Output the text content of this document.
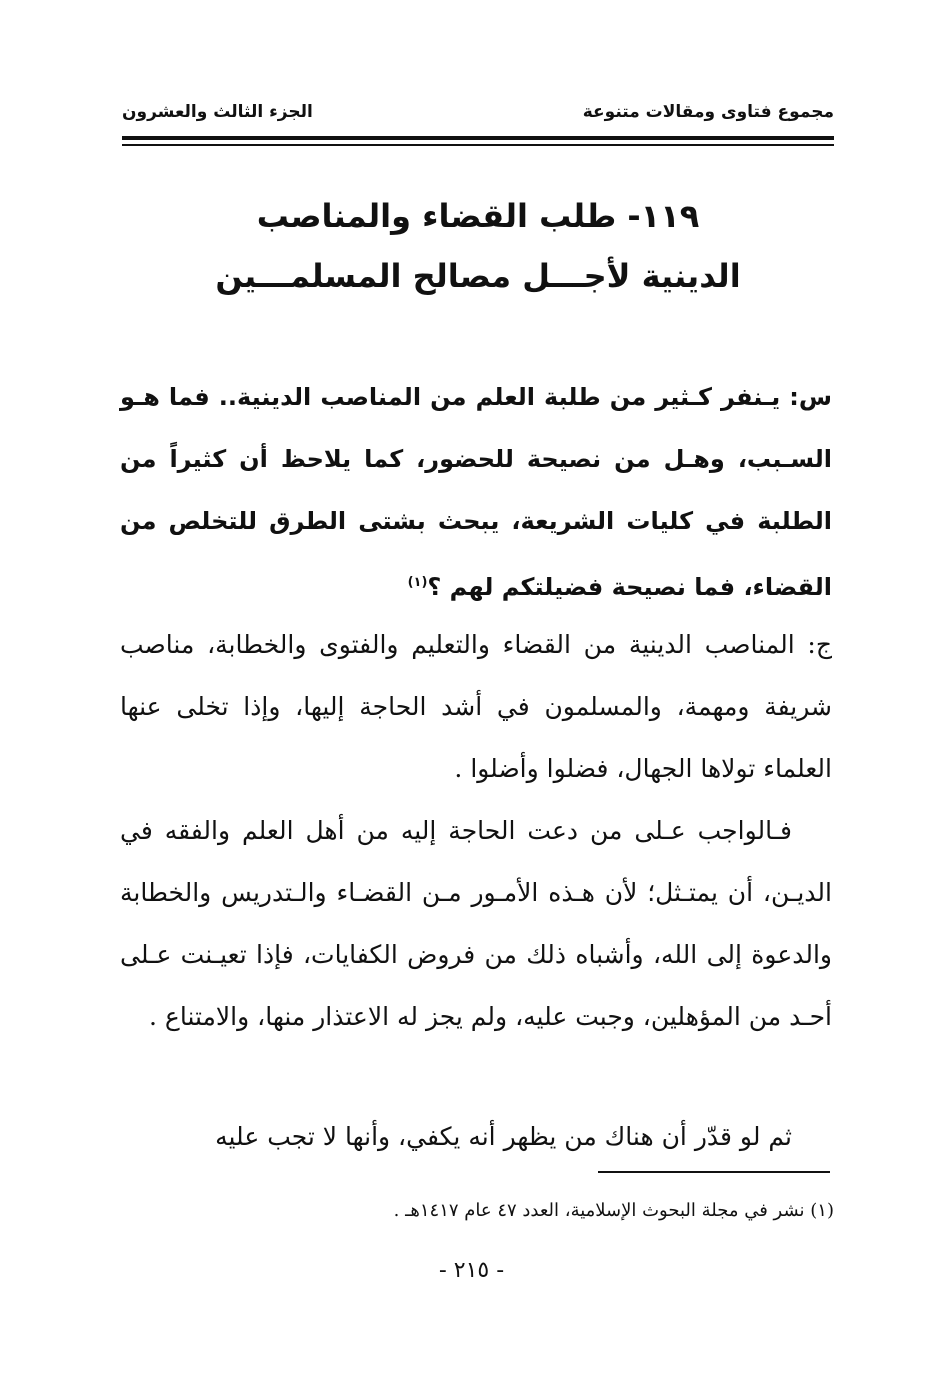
مجموع فتاوى ومقالات متنوعة
الجزء الثالث والعشرون
١١٩- طلب القضاء والمناصب
الدينية لأجـــل مصالح المسلمـــين
س: يـنفر كـثير من طلبة العلم من المناصب الدينية.. فما هـو السـبب، وهـل من نصيحة للحضور، كما يلاحظ أن كثيراً من الطلبة في كليات الشريعة، يبحث بشتى الطرق للتخلص من القضاء، فما نصيحة فضيلتكم لهم ؟$^{(١)}$
ج: المناصب الدينية من القضاء والتعليم والفتوى والخطابة، مناصب شريفة ومهمة، والمسلمون في أشد الحاجة إليها، وإذا تخلى عنها العلماء تولاها الجهال، فضلوا وأضلوا .
فـالواجب عـلى من دعت الحاجة إليه من أهل العلم والفقه في الديـن، أن يمتـثل؛ لأن هـذه الأمـور مـن القضـاء والـتدريس والخطابة والدعوة إلى الله، وأشباه ذلك من فروض الكفايات، فإذا تعيـنت عـلى أحـد من المؤهلين، وجبت عليه، ولم يجز له الاعتذار منها، والامتناع .
ثم لو قدّر أن هناك من يظهر أنه يكفي، وأنها لا تجب عليه
(١) نشر في مجلة البحوث الإسلامية، العدد ٤٧ عام ١٤١٧هـ .
- ٢١٥ -
